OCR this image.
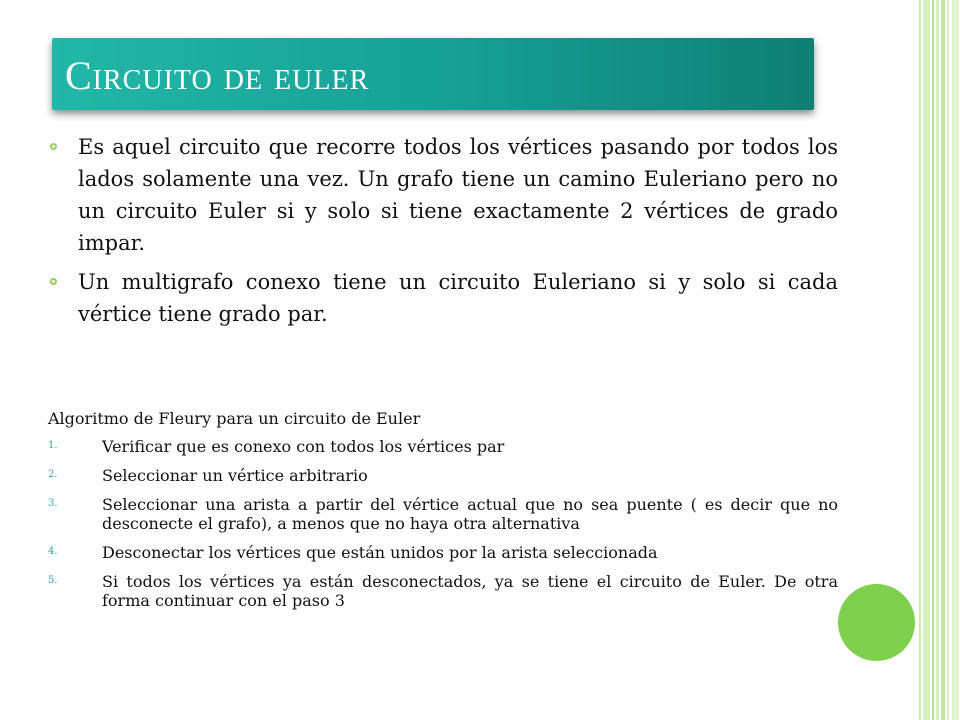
Circuito de euler
Es aquel circuito que recorre todos los vértices pasando por todos los lados solamente una vez. Un grafo tiene un camino Euleriano pero no un circuito Euler si y solo si tiene exactamente 2 vértices de grado impar.
Un multigrafo conexo tiene un circuito Euleriano si y solo si cada vértice tiene grado par.
Algoritmo de Fleury para un circuito de Euler
1.	Verificar que es conexo con todos los vértices par
2.	Seleccionar un vértice arbitrario
3.	Seleccionar una arista a partir del vértice actual que no sea puente ( es decir que no desconecte el grafo), a menos que no haya otra alternativa
4.	Desconectar los vértices que están unidos por la arista seleccionada
5.	Si todos los vértices ya están desconectados, ya se tiene el circuito de Euler. De otra forma continuar con el paso 3
